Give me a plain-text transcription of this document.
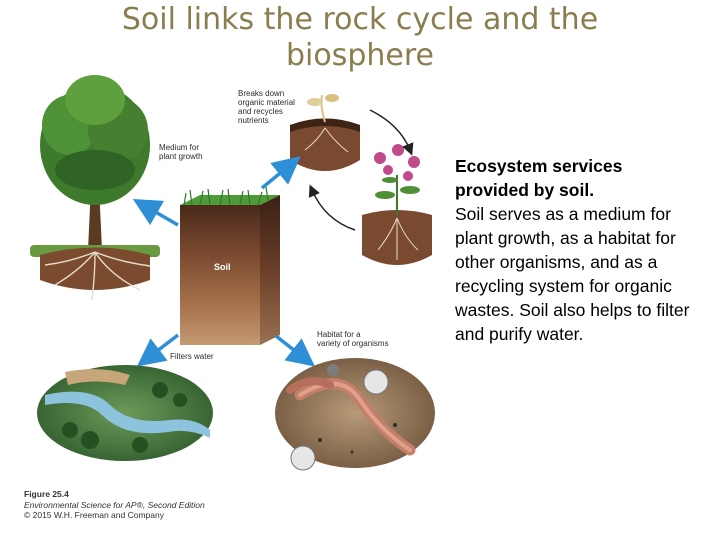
Soil links the rock cycle and the biosphere
Breaks down
organic material
and recycles
nutrients
Medium for
plant growth
Soil
Habitat for a
variety of organisms
Filters water
Ecosystem services provided by soil.
Soil serves as a medium for plant growth, as a habitat for other organisms, and as a recycling system for organic wastes. Soil also helps to filter and purify water.
Figure 25.4
Environmental Science for AP®, Second Edition
© 2015 W.H. Freeman and Company
